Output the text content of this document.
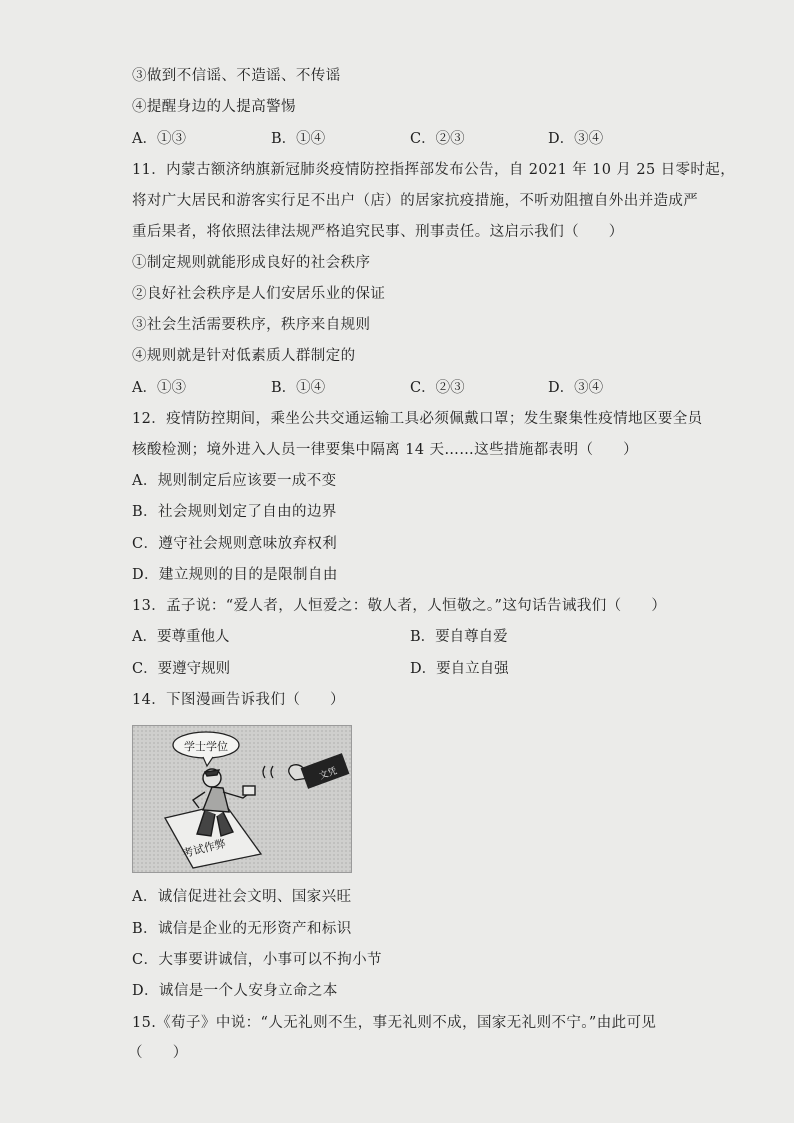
③做到不信谣、不造谣、不传谣
④提醒身边的人提高警惕
A．①③	B．①④	C．②③	D．③④
11．内蒙古额济纳旗新冠肺炎疫情防控指挥部发布公告，自 2021 年 10 月 25 日零时起，
将对广大居民和游客实行足不出户（店）的居家抗疫措施，不听劝阻擅自外出并造成严
重后果者，将依照法律法规严格追究民事、刑事责任。这启示我们（　　）
①制定规则就能形成良好的社会秩序
②良好社会秩序是人们安居乐业的保证
③社会生活需要秩序，秩序来自规则
④规则就是针对低素质人群制定的
A．①③	B．①④	C．②③	D．③④
12．疫情防控期间，乘坐公共交通运输工具必须佩戴口罩；发生聚集性疫情地区要全员
核酸检测；境外进入人员一律要集中隔离 14 天……这些措施都表明（　　）
A．规则制定后应该要一成不变
B．社会规则划定了自由的边界
C．遵守社会规则意味放弃权利
D．建立规则的目的是限制自由
13．孟子说：“爱人者，人恒爱之：敬人者，人恒敬之。”这句话告诫我们（　　）
A．要尊重他人	B．要自尊自爱
C．要遵守规则	D．要自立自强
14．下图漫画告诉我们（　　）
学士学位
考试作弊
文凭
A．诚信促进社会文明、国家兴旺
B．诚信是企业的无形资产和标识
C．大事要讲诚信，小事可以不拘小节
D．诚信是一个人安身立命之本
15.《荀子》中说：“人无礼则不生，事无礼则不成，国家无礼则不宁。”由此可见
（　　）
